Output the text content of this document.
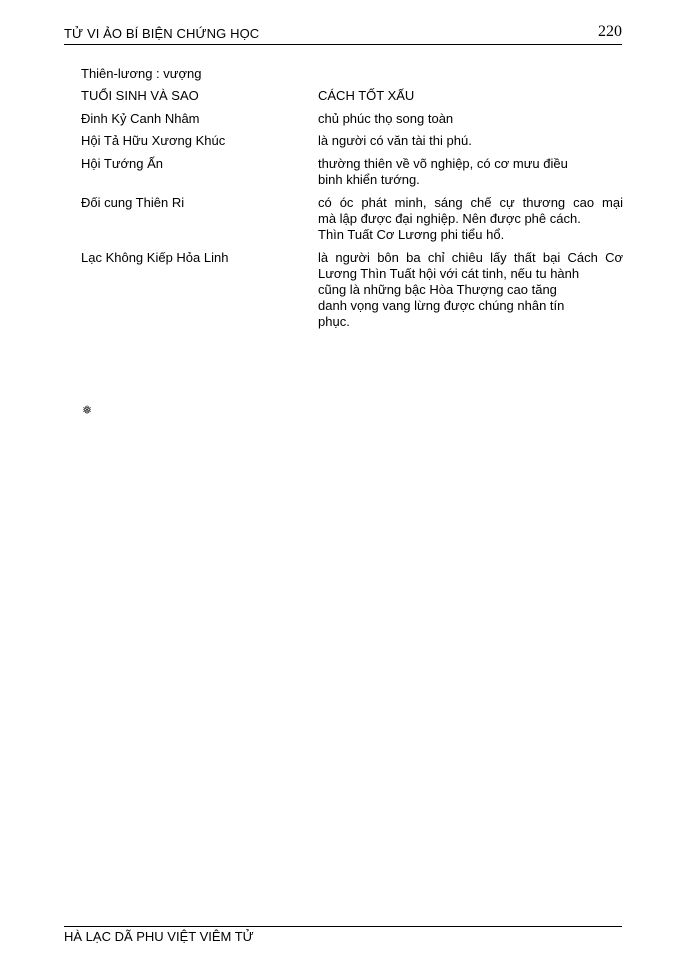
TỬ VI ẢO BÍ BIỆN CHỨNG HỌC	220
Thiên-lương : vượng
TUỔI SINH VÀ SAO	CÁCH TỐT XẤU
Đinh Kỷ Canh Nhâm	chủ phúc thọ song toàn
Hội Tả Hữu Xương Khúc	là người có văn tài thi phú.
Hội Tướng Ấn	thường thiên về võ nghiệp, có cơ mưu điều
binh khiển tướng.
Đối cung Thiên Ri	có óc phát minh, sáng chế cự thương cao mại
mà lập được đại nghiệp. Nên được phê cách.
Thìn Tuất Cơ Lương phi tiểu hổ.
Lạc Không Kiếp Hỏa Linh	là người bôn ba chỉ chiêu lấy thất bại Cách Cơ
Lương Thìn Tuất hội với cát tinh, nếu tu hành
cũng là những bậc Hòa Thượng cao tăng
danh vọng vang lừng được chúng nhân tín
phục.
❅
HÀ LẠC DÃ PHU VIỆT VIÊM TỬ
